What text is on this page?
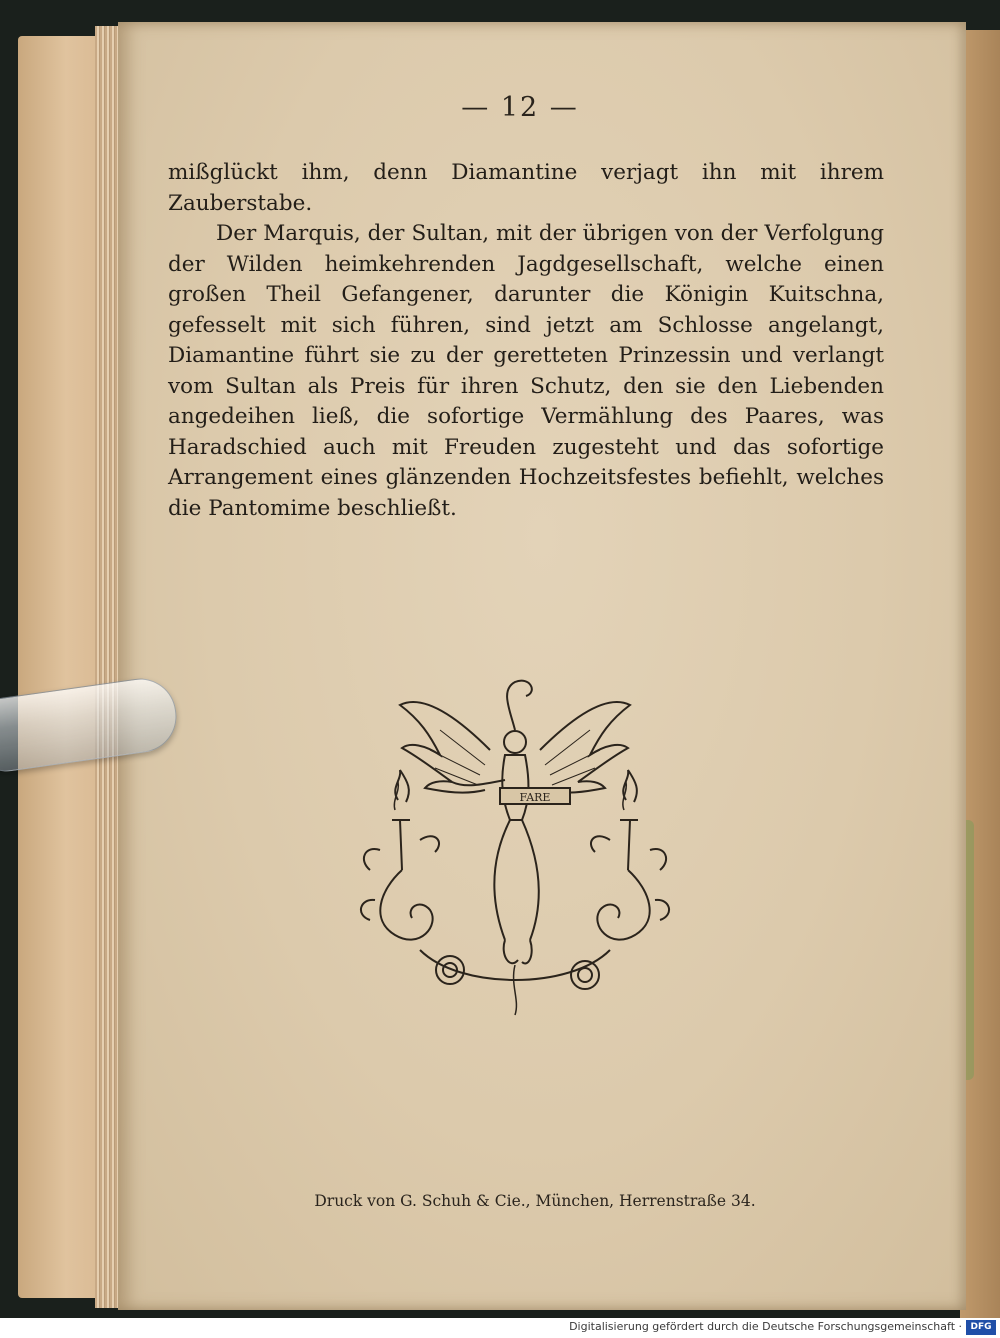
— 12 —

mißglückt ihm, denn Diamantine verjagt ihn mit ihrem Zauberstabe.

Der Marquis, der Sultan, mit der übrigen von der Verfolgung der Wilden heimkehrenden Jagdgesellschaft, welche einen großen Theil Gefangener, darunter die Königin Kuitschna, gefesselt mit sich führen, sind jetzt am Schlosse angelangt, Diamantine führt sie zu der geretteten Prinzessin und verlangt vom Sultan als Preis für ihren Schutz, den sie den Liebenden angedeihen ließ, die sofortige Vermählung des Paares, was Haradschied auch mit Freuden zugesteht und das sofortige Arrangement eines glänzenden Hochzeitsfestes befiehlt, welches die Pantomime beschließt.

FARE
Druck von G. Schuh & Cie., München, Herrenstraße 34.
Digitalisierung gefördert durch die Deutsche Forschungsgemeinschaft · DFG
